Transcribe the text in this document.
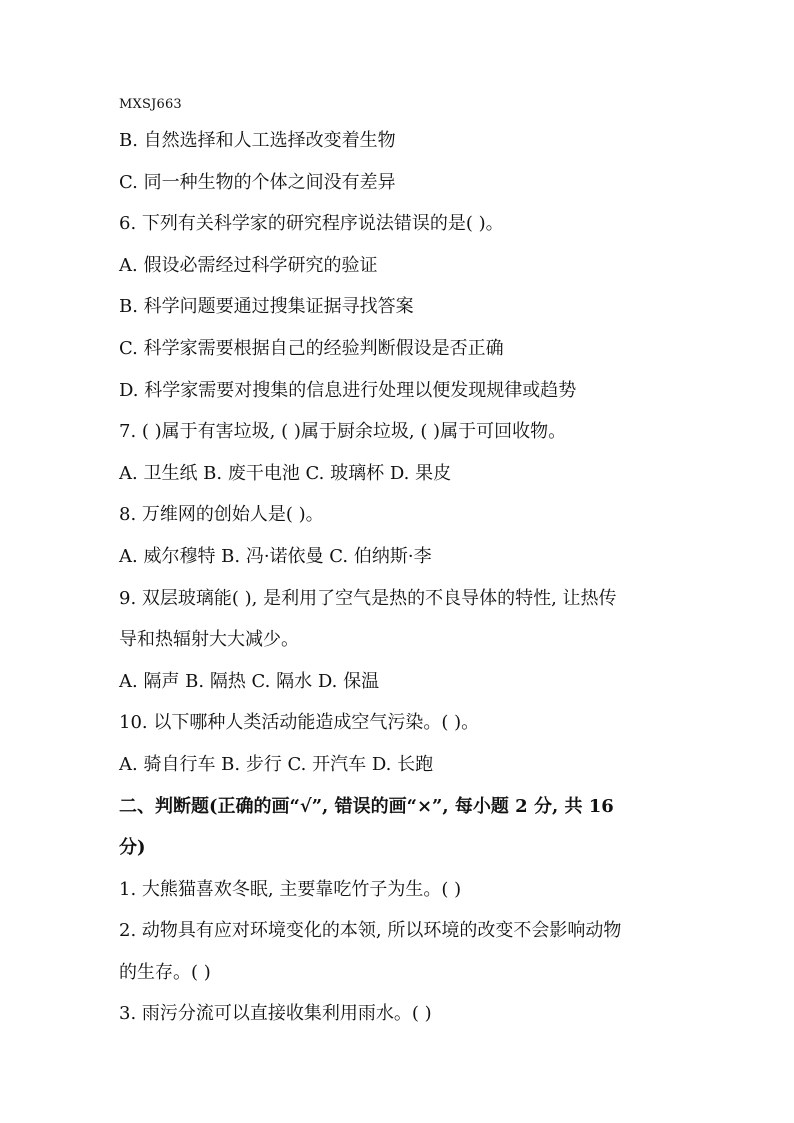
MXSJ663
B. 自然选择和人工选择改变着生物
C. 同一种生物的个体之间没有差异
6. 下列有关科学家的研究程序说法错误的是( )。
A. 假设必需经过科学研究的验证
B. 科学问题要通过搜集证据寻找答案
C. 科学家需要根据自己的经验判断假设是否正确
D. 科学家需要对搜集的信息进行处理以便发现规律或趋势
7. ( )属于有害垃圾, ( )属于厨余垃圾, ( )属于可回收物。
A. 卫生纸 B. 废干电池 C. 玻璃杯 D. 果皮
8. 万维网的创始人是( )。
A. 威尔穆特 B. 冯·诺依曼 C. 伯纳斯·李
9. 双层玻璃能( ), 是利用了空气是热的不良导体的特性, 让热传
导和热辐射大大减少。
A. 隔声 B. 隔热 C. 隔水 D. 保温
10. 以下哪种人类活动能造成空气污染。( )。
A. 骑自行车 B. 步行 C. 开汽车 D. 长跑
二、判断题(正确的画“√”, 错误的画“×”, 每小题 2 分, 共 16
分)
1. 大熊猫喜欢冬眠, 主要靠吃竹子为生。( )
2. 动物具有应对环境变化的本领, 所以环境的改变不会影响动物
的生存。( )
3. 雨污分流可以直接收集利用雨水。( )
